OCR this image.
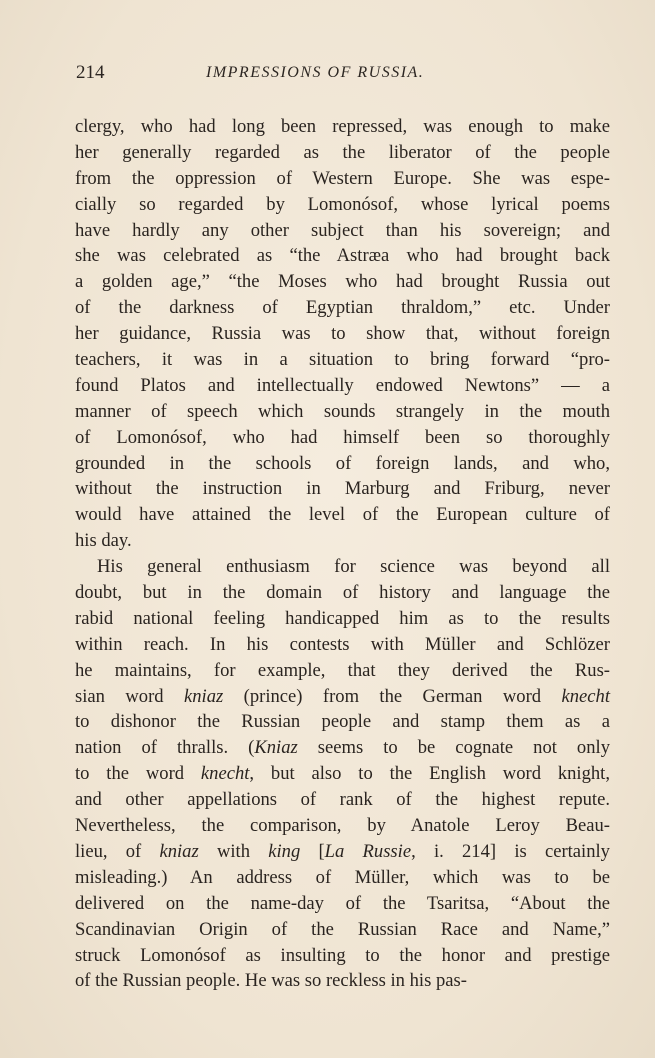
214	IMPRESSIONS OF RUSSIA.
clergy, who had long been repressed, was enough to make
her generally regarded as the liberator of the people
from the oppression of Western Europe. She was espe-
cially so regarded by Lomonósof, whose lyrical poems
have hardly any other subject than his sovereign; and
she was celebrated as “the Astræa who had brought back
a golden age,” “the Moses who had brought Russia out
of the darkness of Egyptian thraldom,” etc. Under
her guidance, Russia was to show that, without foreign
teachers, it was in a situation to bring forward “pro-
found Platos and intellectually endowed Newtons” — a
manner of speech which sounds strangely in the mouth
of Lomonósof, who had himself been so thoroughly
grounded in the schools of foreign lands, and who,
without the instruction in Marburg and Friburg, never
would have attained the level of the European culture of
his day.
His general enthusiasm for science was beyond all
doubt, but in the domain of history and language the
rabid national feeling handicapped him as to the results
within reach. In his contests with Müller and Schlözer
he maintains, for example, that they derived the Rus-
sian word kniaz (prince) from the German word knecht
to dishonor the Russian people and stamp them as a
nation of thralls. (Kniaz seems to be cognate not only
to the word knecht, but also to the English word knight,
and other appellations of rank of the highest repute.
Nevertheless, the comparison, by Anatole Leroy Beau-
lieu, of kniaz with king [La Russie, i. 214] is certainly
misleading.) An address of Müller, which was to be
delivered on the name-day of the Tsaritsa, “About the
Scandinavian Origin of the Russian Race and Name,”
struck Lomonósof as insulting to the honor and prestige
of the Russian people. He was so reckless in his pas-
